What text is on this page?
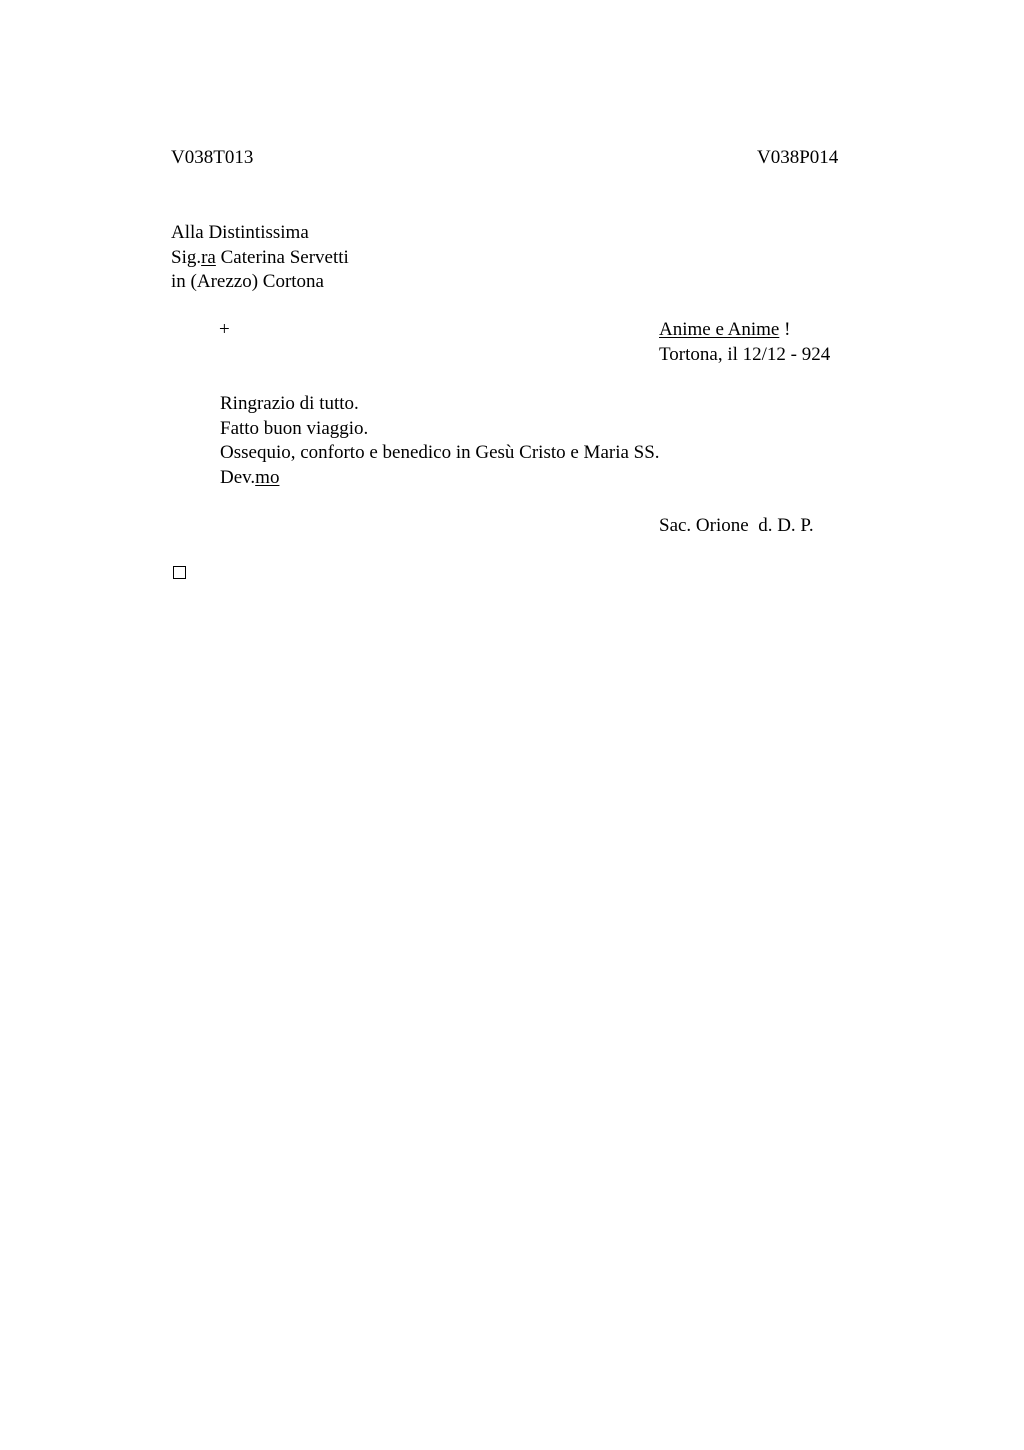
V038T013	V038P014
Alla Distintissima
Sig.ra Caterina Servetti
in (Arezzo) Cortona
+	Anime e Anime !
Tortona, il 12/12 - 924
Ringrazio di tutto.
Fatto buon viaggio.
Ossequio, conforto e benedico in Gesù Cristo e Maria SS.
Dev.mo
Sac. Orione  d. D. P.
